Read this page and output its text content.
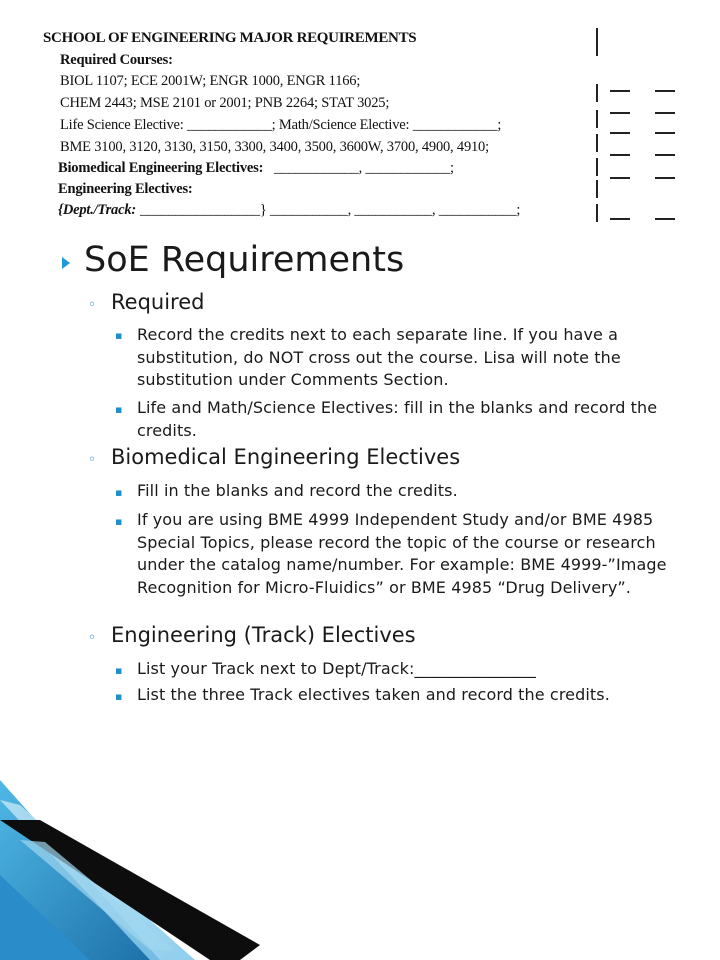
SCHOOL OF ENGINEERING MAJOR REQUIREMENTS
Required Courses:
BIOL 1107; ECE 2001W; ENGR 1000, ENGR 1166;
CHEM 2443; MSE 2101 or 2001; PNB 2264; STAT 3025;
Life Science Elective: ____________; Math/Science Elective: ____________;
BME 3100, 3120, 3130, 3150, 3300, 3400, 3500, 3600W, 3700, 4900, 4910;
Biomedical Engineering Electives: ____________, ____________;
Engineering Electives:
{Dept./Track: _________________} ___________, ___________, ___________;
SoE Requirements
◦ Required
▪ Record the credits next to each separate line. If you have a substitution, do NOT cross out the course. Lisa will note the substitution under Comments Section.
▪ Life and Math/Science Electives: fill in the blanks and record the credits.
◦ Biomedical Engineering Electives
▪ Fill in the blanks and record the credits.
▪ If you are using BME 4999 Independent Study and/or BME 4985 Special Topics, please record the topic of the course or research under the catalog name/number. For example: BME 4999-”Image Recognition for Micro-Fluidics” or BME 4985 “Drug Delivery”.
◦ Engineering (Track) Electives
▪ List your Track next to Dept/Track:_______________
▪ List the three Track electives taken and record the credits.
